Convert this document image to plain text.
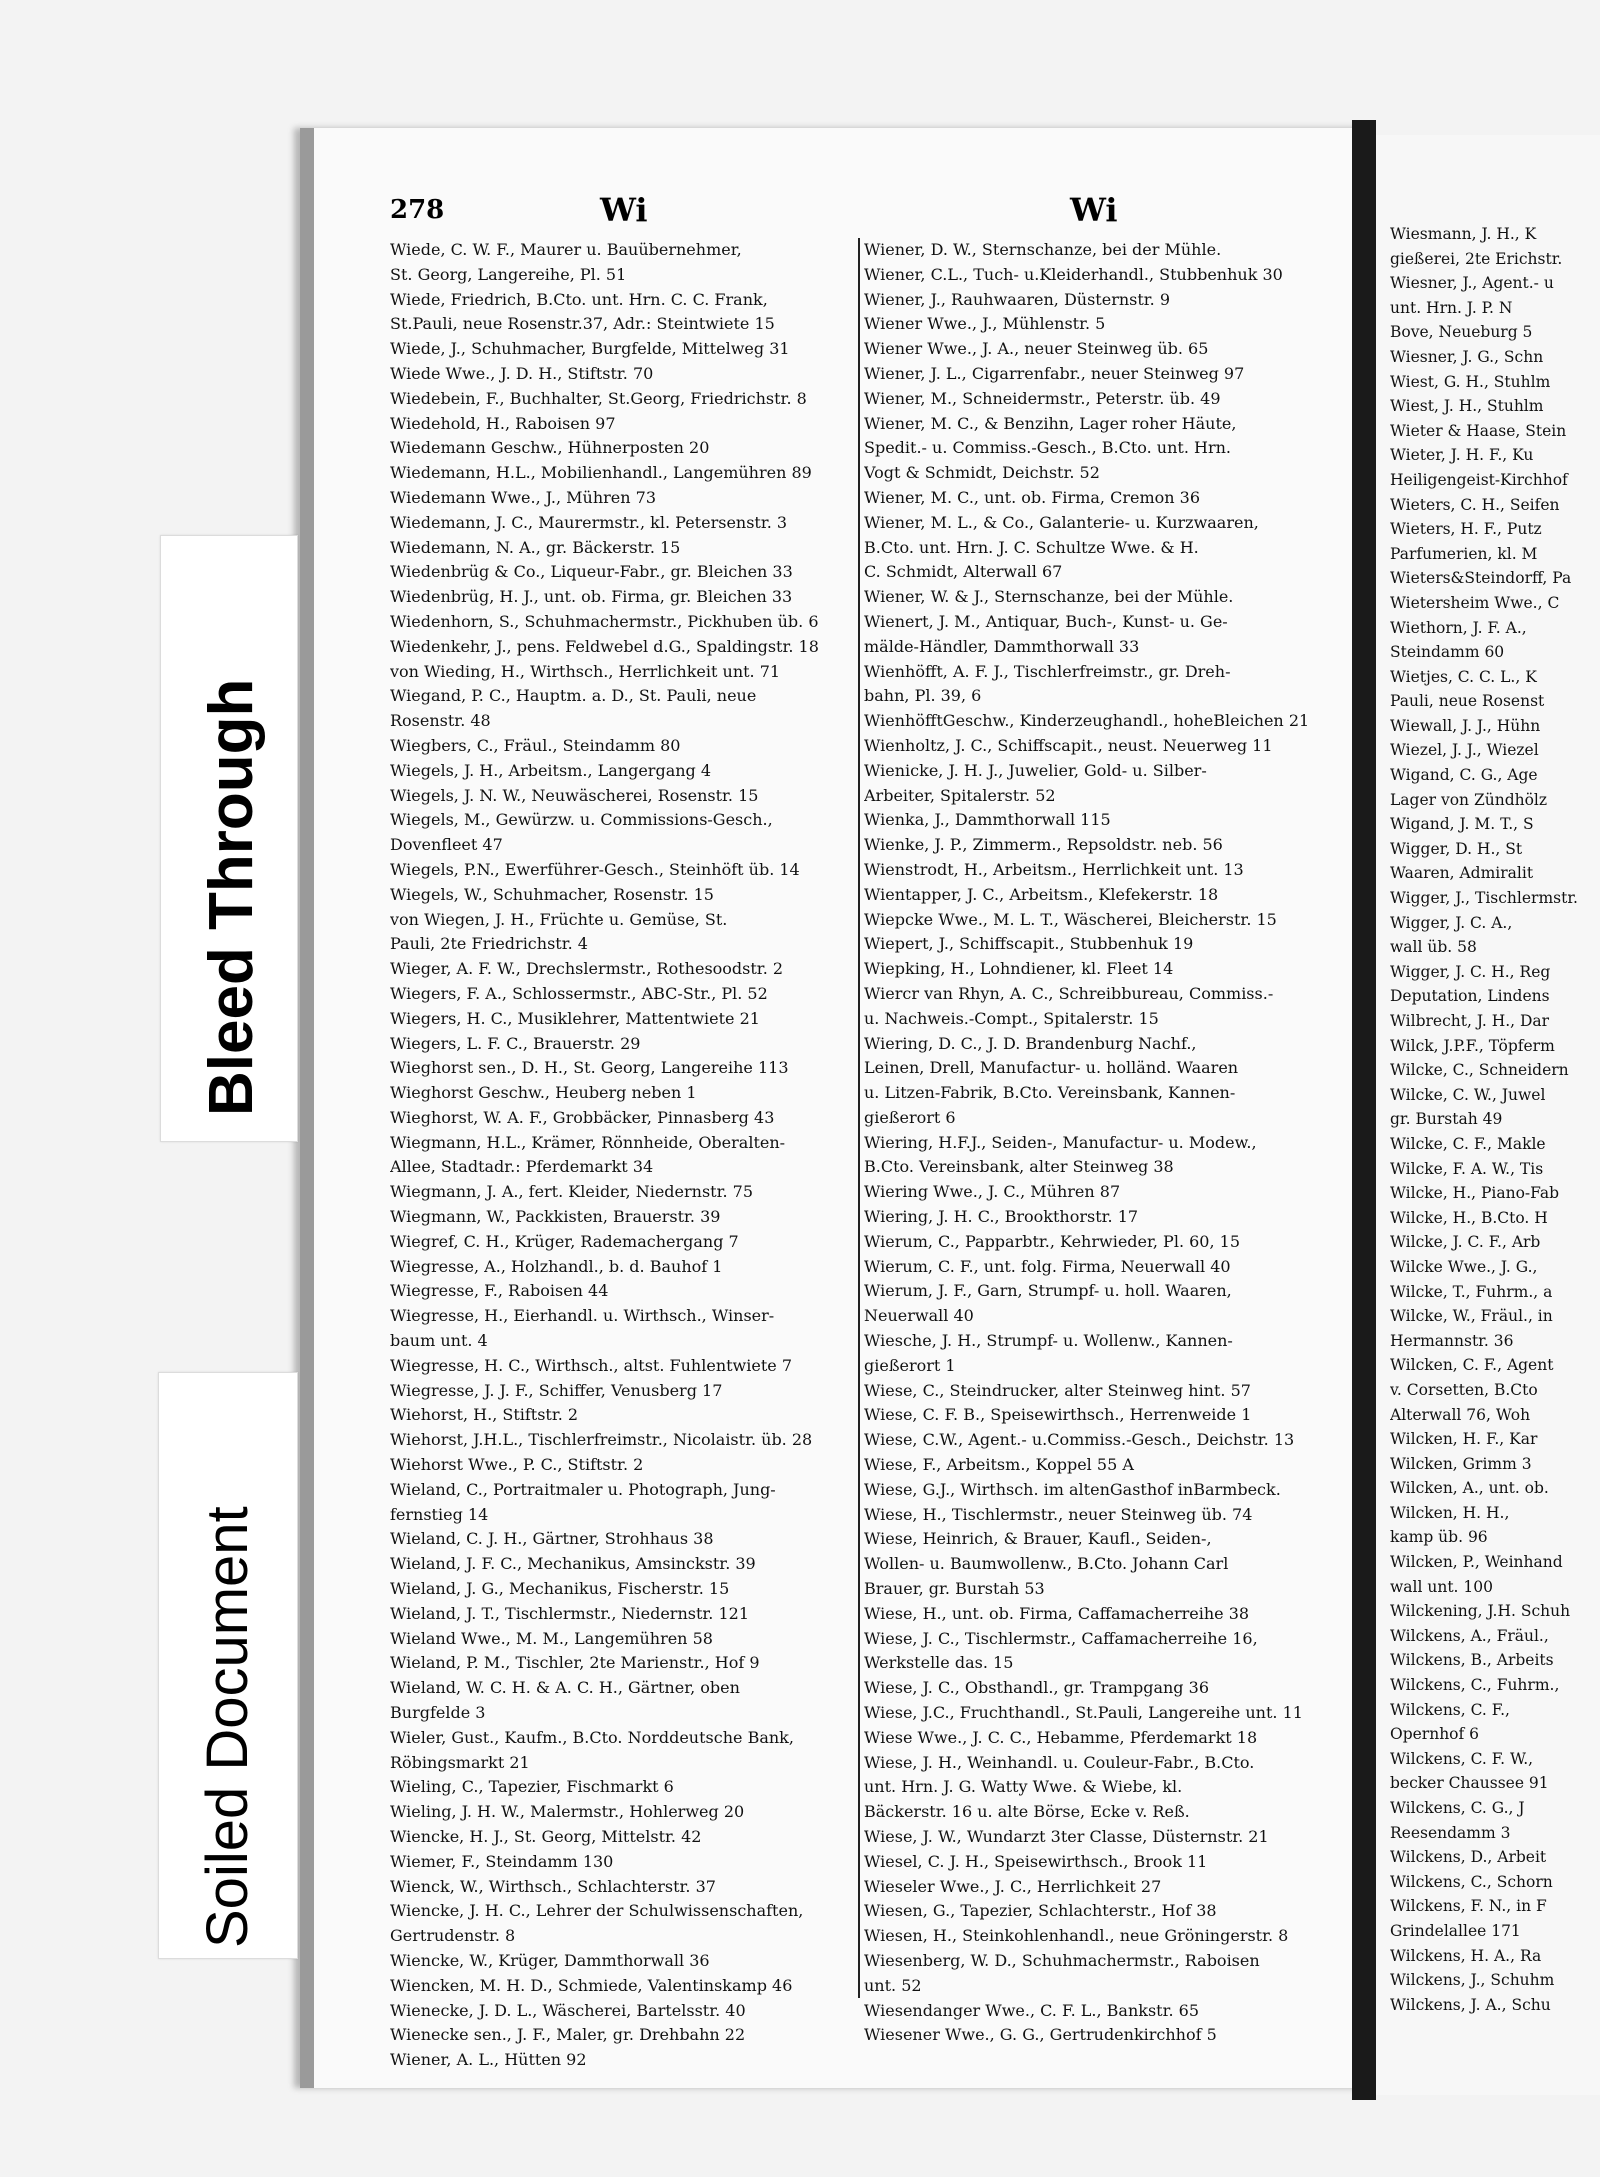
278	Wi	Wi
Wiede, C. W. F., Maurer u. Bauübernehmer,
St. Georg, Langereihe, Pl. 51
Wiede, Friedrich, B.Cto. unt. Hrn. C. C. Frank,
St.Pauli, neue Rosenstr.37, Adr.: Steintwiete 15
Wiede, J., Schuhmacher, Burgfelde, Mittelweg 31
Wiede Wwe., J. D. H., Stiftstr. 70
Wiedebein, F., Buchhalter, St.Georg, Friedrichstr. 8
Wiedehold, H., Raboisen 97
Wiedemann Geschw., Hühnerposten 20
Wiedemann, H.L., Mobilienhandl., Langemühren 89
Wiedemann Wwe., J., Mühren 73
Wiedemann, J. C., Maurermstr., kl. Petersenstr. 3
Wiedemann, N. A., gr. Bäckerstr. 15
Wiedenbrüg & Co., Liqueur-Fabr., gr. Bleichen 33
Wiedenbrüg, H. J., unt. ob. Firma, gr. Bleichen 33
Wiedenhorn, S., Schuhmachermstr., Pickhuben üb. 6
Wiedenkehr, J., pens. Feldwebel d.G., Spaldingstr. 18
von Wieding, H., Wirthsch., Herrlichkeit unt. 71
Wiegand, P. C., Hauptm. a. D., St. Pauli, neue
Rosenstr. 48
Wiegbers, C., Fräul., Steindamm 80
Wiegels, J. H., Arbeitsm., Langergang 4
Wiegels, J. N. W., Neuwäscherei, Rosenstr. 15
Wiegels, M., Gewürzw. u. Commissions-Gesch.,
Dovenfleet 47
Wiegels, P.N., Ewerführer-Gesch., Steinhöft üb. 14
Wiegels, W., Schuhmacher, Rosenstr. 15
von Wiegen, J. H., Früchte u. Gemüse, St.
Pauli, 2te Friedrichstr. 4
Wieger, A. F. W., Drechslermstr., Rothesoodstr. 2
Wiegers, F. A., Schlossermstr., ABC-Str., Pl. 52
Wiegers, H. C., Musiklehrer, Mattentwiete 21
Wiegers, L. F. C., Brauerstr. 29
Wieghorst sen., D. H., St. Georg, Langereihe 113
Wieghorst Geschw., Heuberg neben 1
Wieghorst, W. A. F., Grobbäcker, Pinnasberg 43
Wiegmann, H.L., Krämer, Rönnheide, Oberalten-
Allee, Stadtadr.: Pferdemarkt 34
Wiegmann, J. A., fert. Kleider, Niedernstr. 75
Wiegmann, W., Packkisten, Brauerstr. 39
Wiegref, C. H., Krüger, Rademachergang 7
Wiegresse, A., Holzhandl., b. d. Bauhof 1
Wiegresse, F., Raboisen 44
Wiegresse, H., Eierhandl. u. Wirthsch., Winser-
baum unt. 4
Wiegresse, H. C., Wirthsch., altst. Fuhlentwiete 7
Wiegresse, J. J. F., Schiffer, Venusberg 17
Wiehorst, H., Stiftstr. 2
Wiehorst, J.H.L., Tischlerfreimstr., Nicolaistr. üb. 28
Wiehorst Wwe., P. C., Stiftstr. 2
Wieland, C., Portraitmaler u. Photograph, Jung-
fernstieg 14
Wieland, C. J. H., Gärtner, Strohhaus 38
Wieland, J. F. C., Mechanikus, Amsinckstr. 39
Wieland, J. G., Mechanikus, Fischerstr. 15
Wieland, J. T., Tischlermstr., Niedernstr. 121
Wieland Wwe., M. M., Langemühren 58
Wieland, P. M., Tischler, 2te Marienstr., Hof 9
Wieland, W. C. H. & A. C. H., Gärtner, oben
Burgfelde 3
Wieler, Gust., Kaufm., B.Cto. Norddeutsche Bank,
Röbingsmarkt 21
Wieling, C., Tapezier, Fischmarkt 6
Wieling, J. H. W., Malermstr., Hohlerweg 20
Wiencke, H. J., St. Georg, Mittelstr. 42
Wiemer, F., Steindamm 130
Wienck, W., Wirthsch., Schlachterstr. 37
Wiencke, J. H. C., Lehrer der Schulwissenschaften,
Gertrudenstr. 8
Wiencke, W., Krüger, Dammthorwall 36
Wiencken, M. H. D., Schmiede, Valentinskamp 46
Wienecke, J. D. L., Wäscherei, Bartelsstr. 40
Wienecke sen., J. F., Maler, gr. Drehbahn 22
Wiener, A. L., Hütten 92
Wiener, D. W., Sternschanze, bei der Mühle.
Wiener, C.L., Tuch- u.Kleiderhandl., Stubbenhuk 30
Wiener, J., Rauhwaaren, Düsternstr. 9
Wiener Wwe., J., Mühlenstr. 5
Wiener Wwe., J. A., neuer Steinweg üb. 65
Wiener, J. L., Cigarrenfabr., neuer Steinweg 97
Wiener, M., Schneidermstr., Peterstr. üb. 49
Wiener, M. C., & Benzihn, Lager roher Häute,
Spedit.- u. Commiss.-Gesch., B.Cto. unt. Hrn.
Vogt & Schmidt, Deichstr. 52
Wiener, M. C., unt. ob. Firma, Cremon 36
Wiener, M. L., & Co., Galanterie- u. Kurzwaaren,
B.Cto. unt. Hrn. J. C. Schultze Wwe. & H.
C. Schmidt, Alterwall 67
Wiener, W. & J., Sternschanze, bei der Mühle.
Wienert, J. M., Antiquar, Buch-, Kunst- u. Ge-
mälde-Händler, Dammthorwall 33
Wienhöfft, A. F. J., Tischlerfreimstr., gr. Dreh-
bahn, Pl. 39, 6
WienhöfftGeschw., Kinderzeughandl., hoheBleichen 21
Wienholtz, J. C., Schiffscapit., neust. Neuerweg 11
Wienicke, J. H. J., Juwelier, Gold- u. Silber-
Arbeiter, Spitalerstr. 52
Wienka, J., Dammthorwall 115
Wienke, J. P., Zimmerm., Repsoldstr. neb. 56
Wienstrodt, H., Arbeitsm., Herrlichkeit unt. 13
Wientapper, J. C., Arbeitsm., Klefekerstr. 18
Wiepcke Wwe., M. L. T., Wäscherei, Bleicherstr. 15
Wiepert, J., Schiffscapit., Stubbenhuk 19
Wiepking, H., Lohndiener, kl. Fleet 14
Wiercr van Rhyn, A. C., Schreibbureau, Commiss.-
u. Nachweis.-Compt., Spitalerstr. 15
Wiering, D. C., J. D. Brandenburg Nachf.,
Leinen, Drell, Manufactur- u. holländ. Waaren
u. Litzen-Fabrik, B.Cto. Vereinsbank, Kannen-
gießerort 6
Wiering, H.F.J., Seiden-, Manufactur- u. Modew.,
B.Cto. Vereinsbank, alter Steinweg 38
Wiering Wwe., J. C., Mühren 87
Wiering, J. H. C., Brookthorstr. 17
Wierum, C., Papparbtr., Kehrwieder, Pl. 60, 15
Wierum, C. F., unt. folg. Firma, Neuerwall 40
Wierum, J. F., Garn, Strumpf- u. holl. Waaren,
Neuerwall 40
Wiesche, J. H., Strumpf- u. Wollenw., Kannen-
gießerort 1
Wiese, C., Steindrucker, alter Steinweg hint. 57
Wiese, C. F. B., Speisewirthsch., Herrenweide 1
Wiese, C.W., Agent.- u.Commiss.-Gesch., Deichstr. 13
Wiese, F., Arbeitsm., Koppel 55 A
Wiese, G.J., Wirthsch. im altenGasthof inBarmbeck.
Wiese, H., Tischlermstr., neuer Steinweg üb. 74
Wiese, Heinrich, & Brauer, Kaufl., Seiden-,
Wollen- u. Baumwollenw., B.Cto. Johann Carl
Brauer, gr. Burstah 53
Wiese, H., unt. ob. Firma, Caffamacherreihe 38
Wiese, J. C., Tischlermstr., Caffamacherreihe 16,
Werkstelle das. 15
Wiese, J. C., Obsthandl., gr. Trampgang 36
Wiese, J.C., Fruchthandl., St.Pauli, Langereihe unt. 11
Wiese Wwe., J. C. C., Hebamme, Pferdemarkt 18
Wiese, J. H., Weinhandl. u. Couleur-Fabr., B.Cto.
unt. Hrn. J. G. Watty Wwe. & Wiebe, kl.
Bäckerstr. 16 u. alte Börse, Ecke v. Reß.
Wiese, J. W., Wundarzt 3ter Classe, Düsternstr. 21
Wiesel, C. J. H., Speisewirthsch., Brook 11
Wieseler Wwe., J. C., Herrlichkeit 27
Wiesen, G., Tapezier, Schlachterstr., Hof 38
Wiesen, H., Steinkohlenhandl., neue Gröningerstr. 8
Wiesenberg, W. D., Schuhmachermstr., Raboisen
unt. 52
Wiesendanger Wwe., C. F. L., Bankstr. 65
Wiesener Wwe., G. G., Gertrudenkirchhof 5
Wiesmann, J. H., K
gießerei, 2te Erichstr.
Wiesner, J., Agent.- u
unt. Hrn. J. P. N
Bove, Neueburg 5
Wiesner, J. G., Schn
Wiest, G. H., Stuhlm
Wiest, J. H., Stuhlm
Wieter & Haase, Stein
Wieter, J. H. F., Ku
Heiligengeist-Kirchhof
Wieters, C. H., Seifen
Wieters, H. F., Putz
Parfumerien, kl. M
Wieters&Steindorff, Pa
Wietersheim Wwe., C
Wiethorn, J. F. A.,
Steindamm 60
Wietjes, C. C. L., K
Pauli, neue Rosenst
Wiewall, J. J., Hühn
Wiezel, J. J., Wiezel
Wigand, C. G., Age
Lager von Zündhölz
Wigand, J. M. T., S
Wigger, D. H., St
Waaren, Admiralit
Wigger, J., Tischlermstr.
Wigger, J. C. A.,
wall üb. 58
Wigger, J. C. H., Reg
Deputation, Lindens
Wilbrecht, J. H., Dar
Wilck, J.P.F., Töpferm
Wilcke, C., Schneidern
Wilcke, C. W., Juwel
gr. Burstah 49
Wilcke, C. F., Makle
Wilcke, F. A. W., Tis
Wilcke, H., Piano-Fab
Wilcke, H., B.Cto. H
Wilcke, J. C. F., Arb
Wilcke Wwe., J. G.,
Wilcke, T., Fuhrm., a
Wilcke, W., Fräul., in
Hermannstr. 36
Wilcken, C. F., Agent
v. Corsetten, B.Cto
Alterwall 76, Woh
Wilcken, H. F., Kar
Wilcken, Grimm 3
Wilcken, A., unt. ob.
Wilcken, H. H.,
kamp üb. 96
Wilcken, P., Weinhand
wall unt. 100
Wilckening, J.H. Schuh
Wilckens, A., Fräul.,
Wilckens, B., Arbeits
Wilckens, C., Fuhrm.,
Wilckens, C. F.,
Opernhof 6
Wilckens, C. F. W.,
becker Chaussee 91
Wilckens, C. G., J
Reesendamm 3
Wilckens, D., Arbeit
Wilckens, C., Schorn
Wilckens, F. N., in F
Grindelallee 171
Wilckens, H. A., Ra
Wilckens, J., Schuhm
Wilckens, J. A., Schu
Bleed Through
Soiled Document
